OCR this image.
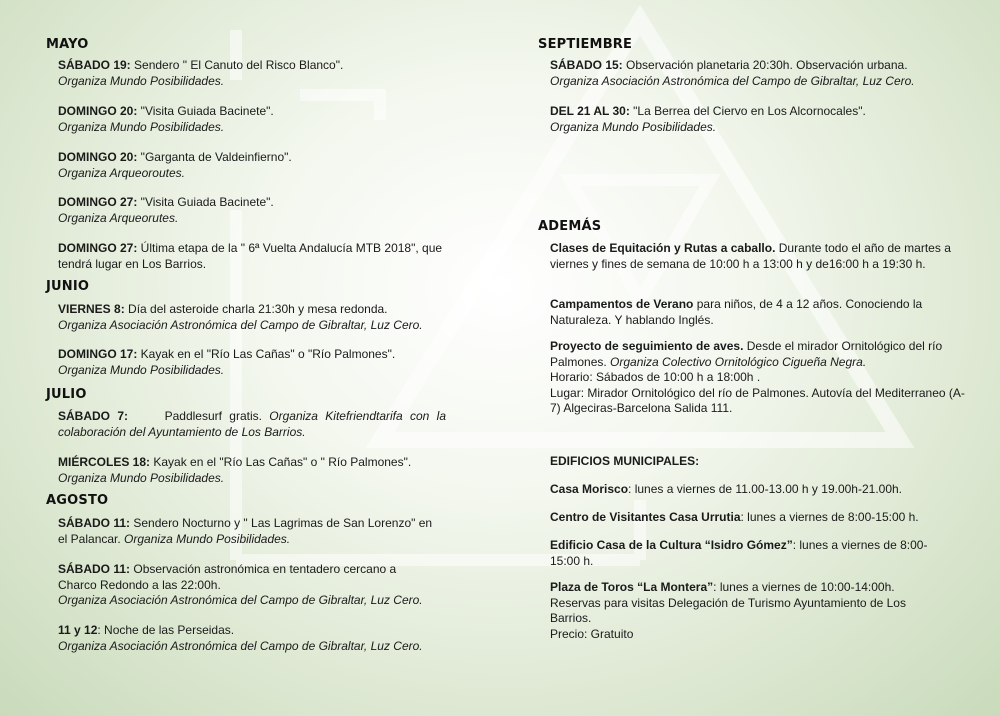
MAYO
SÁBADO 19: Sendero " El Canuto del Risco Blanco".
Organiza Mundo Posibilidades.
DOMINGO 20: "Visita Guiada Bacinete".
Organiza Mundo Posibilidades.
DOMINGO 20: "Garganta de Valdeinfierno".
Organiza Arqueoroutes.
DOMINGO 27: "Visita Guiada Bacinete".
Organiza Arqueorutes.
DOMINGO 27: Última etapa de la " 6ª Vuelta Andalucía MTB 2018", que tendrá lugar en Los Barrios.
JUNIO
VIERNES 8: Día del asteroide charla 21:30h y mesa redonda.
Organiza Asociación Astronómica del Campo de Gibraltar, Luz Cero.
DOMINGO 17: Kayak en el "Río Las Cañas" o "Río Palmones".
Organiza Mundo Posibilidades.
JULIO
SÁBADO 7:     Paddlesurf gratis. Organiza Kitefriendtarifa con la colaboración del Ayuntamiento de Los Barrios.
MIÉRCOLES 18: Kayak en el "Río Las Cañas" o " Río Palmones".
Organiza Mundo Posibilidades.
AGOSTO
SÁBADO 11: Sendero Nocturno y " Las Lagrimas de San Lorenzo" en el Palancar. Organiza Mundo Posibilidades.
SÁBADO 11: Observación astronómica en tentadero cercano a Charco Redondo a las 22:00h.
Organiza Asociación Astronómica del Campo de Gibraltar, Luz Cero.
11 y 12: Noche de las Perseidas.
Organiza Asociación Astronómica del Campo de Gibraltar, Luz Cero.
SEPTIEMBRE
SÁBADO 15: Observación planetaria 20:30h. Observación urbana.
Organiza Asociación Astronómica del Campo de Gibraltar, Luz Cero.
DEL 21 AL 30: "La Berrea del Ciervo en Los Alcornocales".
Organiza Mundo Posibilidades.
ADEMÁS
Clases de Equitación y Rutas a caballo. Durante todo el año de martes a viernes y fines de semana de 10:00 h a 13:00 h y de16:00 h a 19:30 h.
Campamentos de Verano para niños, de 4 a 12 años. Conociendo la Naturaleza. Y hablando Inglés.
Proyecto de seguimiento de aves. Desde el mirador Ornitológico del río Palmones. Organiza Colectivo Ornitológico Cigueña Negra.
Horario: Sábados de 10:00 h a 18:00h .
Lugar: Mirador Ornitológico del río de Palmones. Autovía del Mediterraneo (A-7) Algeciras-Barcelona Salida 111.
EDIFICIOS MUNICIPALES:
Casa Morisco: lunes a viernes de 11.00-13.00 h y 19.00h-21.00h.
Centro de Visitantes Casa Urrutia: lunes a viernes de 8:00-15:00 h.
Edificio Casa de la Cultura “Isidro Gómez”: lunes a viernes de 8:00-15:00 h.
Plaza de Toros “La Montera”: lunes a viernes de 10:00-14:00h.
Reservas para visitas Delegación de Turismo Ayuntamiento de Los Barrios.
Precio: Gratuito
